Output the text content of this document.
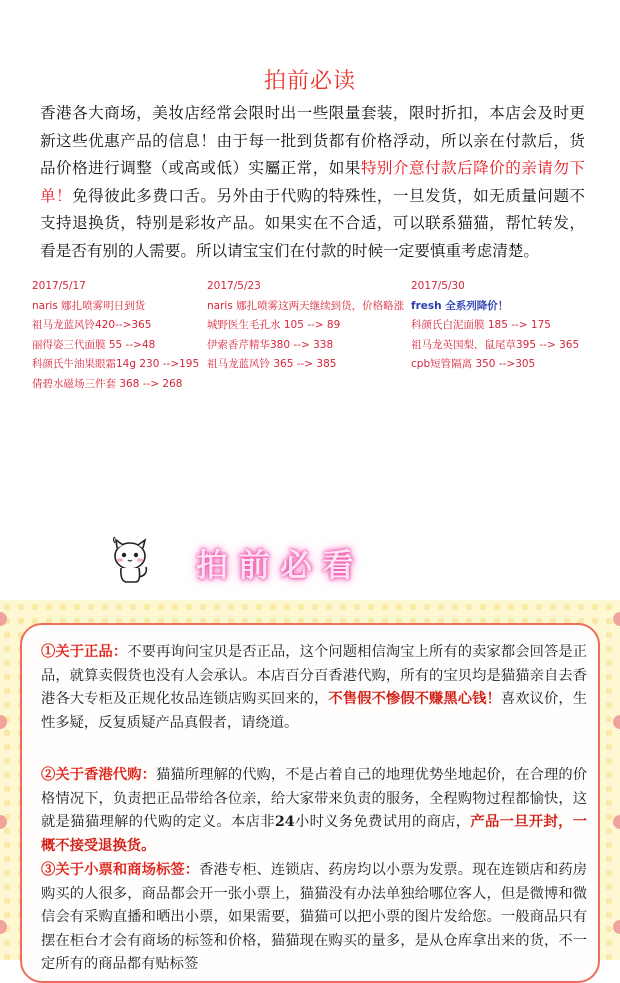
拍前必读
香港各大商场，美妆店经常会限时出一些限量套装，限时折扣，本店会及时更新这些优惠产品的信息！由于每一批到货都有价格浮动，所以亲在付款后，货品价格进行调整（或高或低）实屬正常，如果特别介意付款后降价的亲请勿下单！免得彼此多费口舌。另外由于代购的特殊性，一旦发货，如无质量问题不支持退换货，特别是彩妆产品。如果实在不合适，可以联系猫猫，帮忙转发，看是否有别的人需要。所以请宝宝们在付款的时候一定要慎重考虑清楚。
2017/5/17
naris 娜扎喷雾明日到货
祖马龙蓝风铃420-->365
丽得姿三代面膜 55 -->48
科颜氏牛油果眼霜14g 230 -->195
倩碧水磁场三件套 368 --> 268
2017/5/23
naris 娜扎喷雾这两天继续到货，价格略涨
城野医生毛孔水 105 --> 89
伊索香芹精华380 --> 338
祖马龙蓝风铃 365 --> 385
2017/5/30
fresh 全系列降价！
科颜氏白泥面膜 185 --> 175
祖马龙英国梨，鼠尾草395 --> 365
cpb短管隔离 350 -->305
拍前必看
①关于正品：不要再询问宝贝是否正品，这个问题相信淘宝上所有的卖家都会回答是正品，就算卖假货也没有人会承认。本店百分百香港代购，所有的宝贝均是猫猫亲自去香港各大专柜及正规化妆品连锁店购买回来的，不售假不惨假不赚黑心钱！喜欢议价，生性多疑，反复质疑产品真假者，请绕道。
②关于香港代购：猫猫所理解的代购，不是占着自己的地理优势坐地起价，在合理的价格情况下，负责把正品带给各位亲，给大家带来负责的服务，全程购物过程都愉快，这就是猫猫理解的代购的定义。本店非24小时义务免费试用的商店，产品一旦开封，一概不接受退换货。
③关于小票和商场标签：香港专柜、连锁店、药房均以小票为发票。现在连锁店和药房购买的人很多，商品都会开一张小票上，猫猫没有办法单独给哪位客人，但是微博和微信会有采购直播和晒出小票，如果需要，猫猫可以把小票的图片发给您。一般商品只有摆在柜台才会有商场的标签和价格，猫猫现在购买的量多，是从仓库拿出来的货，不一定所有的商品都有贴标签
